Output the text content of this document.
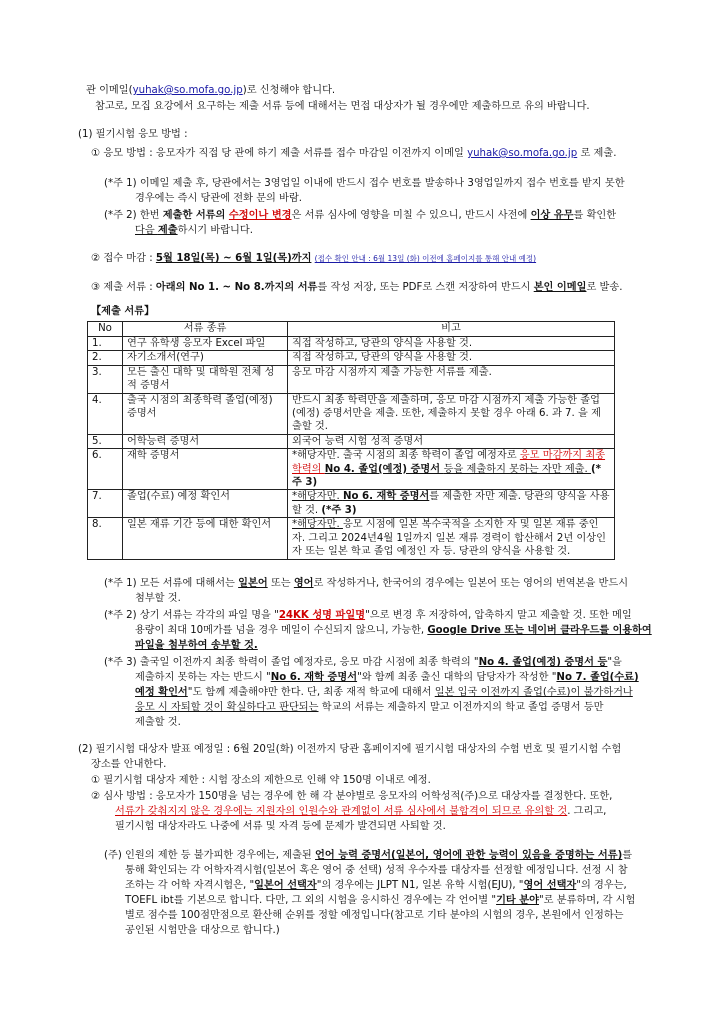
관 이메일(yuhak@so.mofa.go.jp)로 신청해야 합니다.
참고로, 모집 요강에서 요구하는 제출 서류 등에 대해서는 면접 대상자가 될 경우에만 제출하므로 유의 바랍니다.
(1) 필기시험 응모 방법 :
① 응모 방법 : 응모자가 직접 당 관에 하기 제출 서류를 접수 마감일 이전까지 이메일 yuhak@so.mofa.go.jp 로 제출.
(*주 1) 이메일 제출 후, 당관에서는 3영업일 이내에 반드시 접수 번호를 발송하나 3영업일까지 접수 번호를 받지 못한
경우에는 즉시 당관에 전화 문의 바람.
(*주 2) 한번 제출한 서류의 수정이나 변경은 서류 심사에 영향을 미칠 수 있으니, 반드시 사전에 이상 유무를 확인한
다음 제출하시기 바랍니다.
② 접수 마감 : 5월 18일(목) ~ 6월 1일(목)까지 (접수 확인 안내 : 6월 13일 (화) 이전에 홈페이지를 통해 안내 예정)
③ 제출 서류 : 아래의 No 1. ~ No 8.까지의 서류를 작성 저장, 또는 PDF로 스캔 저장하여 반드시 본인 이메일로 발송.
【제출 서류】
No	서류 종류	비고
1.	연구 유학생 응모자 Excel 파일	직접 작성하고, 당관의 양식을 사용할 것.
2.	자기소개서(연구)	직접 작성하고, 당관의 양식을 사용할 것.
3.	모든 출신 대학 및 대학원 전체 성적 증명서	응모 마감 시점까지 제출 가능한 서류를 제출.
4.	출국 시점의 최종학력 졸업(예정) 증명서	반드시 최종 학력만을 제출하며, 응모 마감 시점까지 제출 가능한 졸업(예정) 증명서만을 제출. 또한, 제출하지 못할 경우 아래 6. 과 7. 을 제출할 것.
5.	어학능력 증명서	외국어 능력 시험 성적 증명서
6.	재학 증명서	*해당자만. 출국 시점의 최종 학력이 졸업 예정자로 응모 마감까지 최종 학력의 No 4. 졸업(예정) 증명서 등을 제출하지 못하는 자만 제출. (*주 3)
7.	졸업(수료) 예정 확인서	*해당자만. No 6. 재학 증명서를 제출한 자만 제출. 당관의 양식을 사용할 것. (*주 3)
8.	일본 재류 기간 등에 대한 확인서	*해당자만. 응모 시점에 일본 복수국적을 소지한 자 및 일본 재류 중인 자. 그리고 2024년4월 1일까지 일본 재류 경력이 합산해서 2년 이상인 자 또는 일본 학교 졸업 예정인 자 등. 당관의 양식을 사용할 것.
(*주 1) 모든 서류에 대해서는 일본어 또는 영어로 작성하거나, 한국어의 경우에는 일본어 또는 영어의 번역본을 반드시
첨부할 것.
(*주 2) 상기 서류는 각각의 파일 명을 "24KK 성명 파일명"으로 변경 후 저장하여, 압축하지 말고 제출할 것. 또한 메일
용량이 최대 10메가를 넘을 경우 메일이 수신되지 않으니, 가능한, Google Drive 또는 네이버 클라우드를 이용하여
파일을 첨부하여 송부할 것.
(*주 3) 출국일 이전까지 최종 학력이 졸업 예정자로, 응모 마감 시점에 최종 학력의 "No 4. 졸업(예정) 증명서 등"을
제출하지 못하는 자는 반드시 "No 6. 재학 증명서"와 함께 최종 출신 대학의 담당자가 작성한 "No 7. 졸업(수료)
예정 확인서"도 함께 제출해야만 한다. 단, 최종 재적 학교에 대해서 일본 입국 이전까지 졸업(수료)이 불가하거나
응모 시 자퇴할 것이 확실하다고 판단되는 학교의 서류는 제출하지 말고 이전까지의 학교 졸업 증명서 등만
제출할 것.
(2) 필기시험 대상자 발표 예정일 : 6월 20일(화) 이전까지 당관 홈페이지에 필기시험 대상자의 수험 번호 및 필기시험 수험
장소를 안내한다.
① 필기시험 대상자 제한 : 시험 장소의 제한으로 인해 약 150명 이내로 예정.
② 심사 방법 : 응모자가 150명을 넘는 경우에 한 해 각 분야별로 응모자의 어학성적(주)으로 대상자를 결정한다. 또한,
서류가 갖춰지지 않은 경우에는 지원자의 인원수와 관계없이 서류 심사에서 불합격이 되므로 유의할 것. 그리고,
필기시험 대상자라도 나중에 서류 및 자격 등에 문제가 발견되면 사퇴할 것.
(주) 인원의 제한 등 불가피한 경우에는, 제출된 언어 능력 증명서(일본어, 영어에 관한 능력이 있음을 증명하는 서류)를
통해 확인되는 각 어학자격시험(일본어 혹은 영어 중 선택) 성적 우수자를 대상자를 선정할 예정입니다. 선정 시 참
조하는 각 어학 자격시험은, "일본어 선택자"의 경우에는 JLPT N1, 일본 유학 시험(EJU), "영어 선택자"의 경우는,
TOEFL ibt를 기본으로 합니다. 다만, 그 외의 시험을 응시하신 경우에는 각 언어별 "기타 분야"로 분류하며, 각 시험
별로 점수를 100점만점으로 환산해 순위를 정할 예정입니다(참고로 기타 분야의 시험의 경우, 본원에서 인정하는
공인된 시험만을 대상으로 합니다.)
